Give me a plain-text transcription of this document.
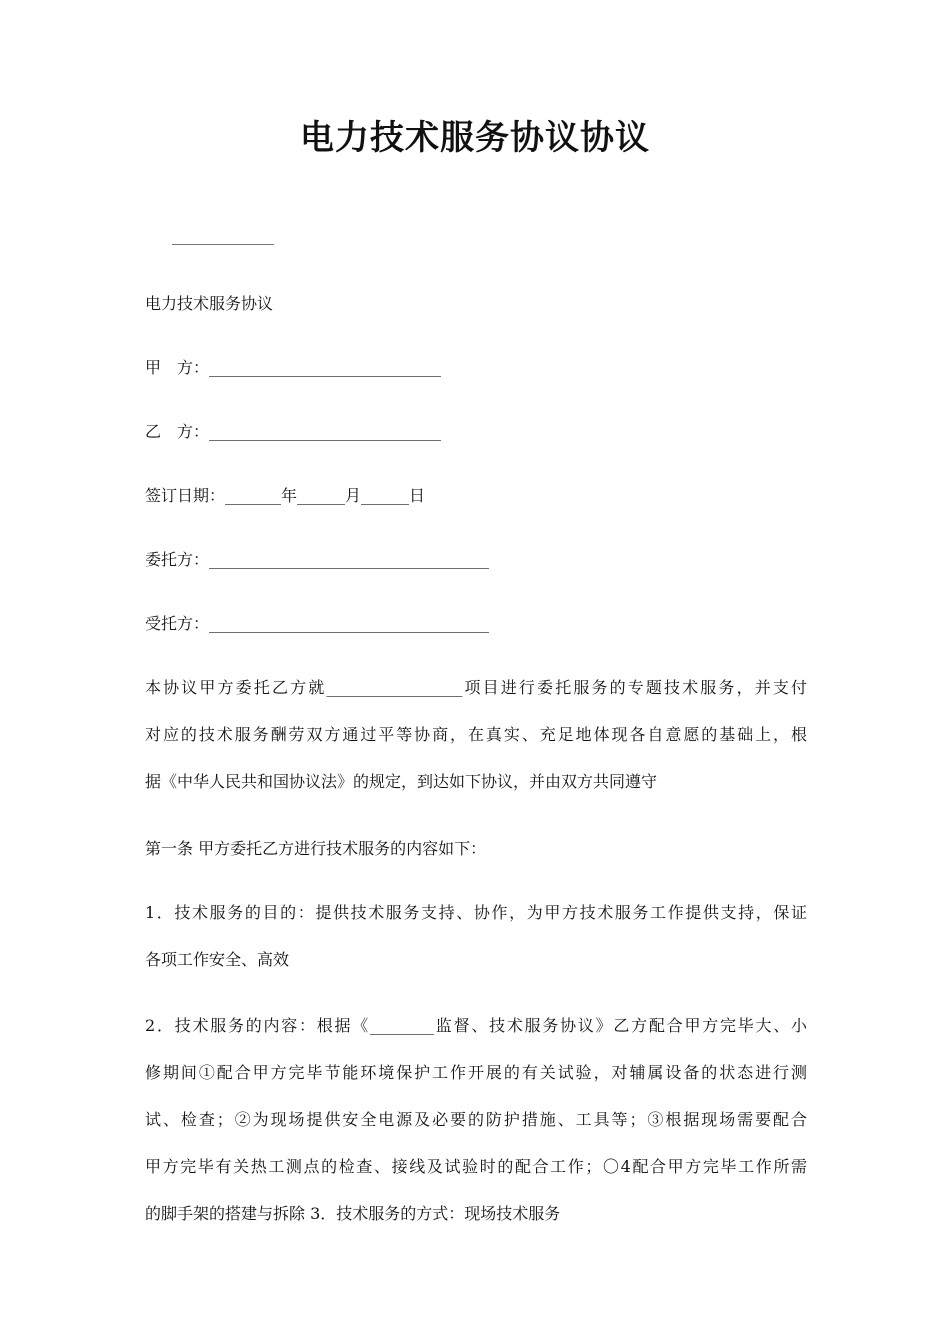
电力技术服务协议协议
电力技术服务协议
甲　方：_____________________________
乙　方：_____________________________
签订日期：_______年______月______日
委托方：___________________________________
受托方：___________________________________
本协议甲方委托乙方就_________________项目进行委托服务的专题技术服务，并支付
对应的技术服务酬劳双方通过平等协商，在真实、充足地体现各自意愿的基础上，根
据《中华人民共和国协议法》的规定，到达如下协议，并由双方共同遵守
第一条 甲方委托乙方进行技术服务的内容如下：
1．技术服务的目的：提供技术服务支持、协作，为甲方技术服务工作提供支持，保证
各项工作安全、高效
2．技术服务的内容：根据《________监督、技术服务协议》乙方配合甲方完毕大、小
修期间①配合甲方完毕节能环境保护工作开展的有关试验，对辅属设备的状态进行测
试、检查；②为现场提供安全电源及必要的防护措施、工具等；③根据现场需要配合
甲方完毕有关热工测点的检查、接线及试验时的配合工作；〇4配合甲方完毕工作所需
的脚手架的搭建与拆除 3．技术服务的方式：现场技术服务
